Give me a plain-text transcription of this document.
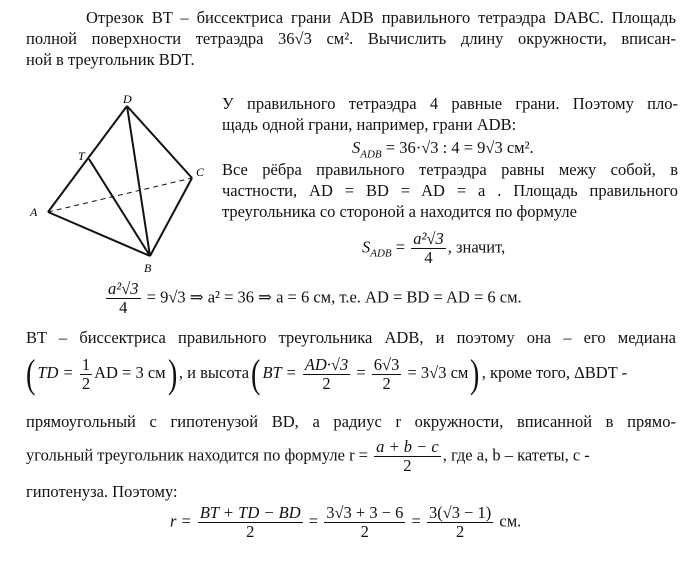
Отрезок BT – биссектриса грани ADB правильного тетраэдра DABC. Площадь
полной поверхности тетраэдра 36√3 см². Вычислить длину окружности, вписан-
ной в треугольник BDT.
D
T
C
A
B
У правильного тетраэдра 4 равные грани. Поэтому пло-
щадь одной грани, например, грани ADB:
$S_{ADB} = 36\cdot√3$ : 4 = 9√3 см².
Все рёбра правильного тетраэдра равны межу собой, в
частности, AD = BD = AD = a . Площадь правильного
треугольника со стороной a находится по формуле
$S_{ADB} = \frac{\text{a²√3}}{4}$ , значит,
$\frac{\text{a²√3}}{4} = 9√3$ ⇒ a² = 36 ⇒ a = 6 см, т.е. AD = BD = AD = 6 см.
BT – биссектриса правильного треугольника ADB, и поэтому она – его медиана
( TD = $\frac{1}{2}$ AD = 3 см) , и высота( BT = $\frac{AD\cdot√3}{2} = \frac{6√3}{2} = 3√3$ см) , кроме того, ΔBDT -
прямоугольный с гипотенузой BD, а радиус r окружности, вписанной в прямо-
угольный треугольник находится по формуле $r = \frac{a + b - c}{2}$ , где a, b – катеты, c -
гипотенуза. Поэтому:
$r = \frac{BT + TD - BD}{2} = \frac{3√3 + 3 - 6}{2} = \frac{3(√3 - 1)}{2}$ см.
